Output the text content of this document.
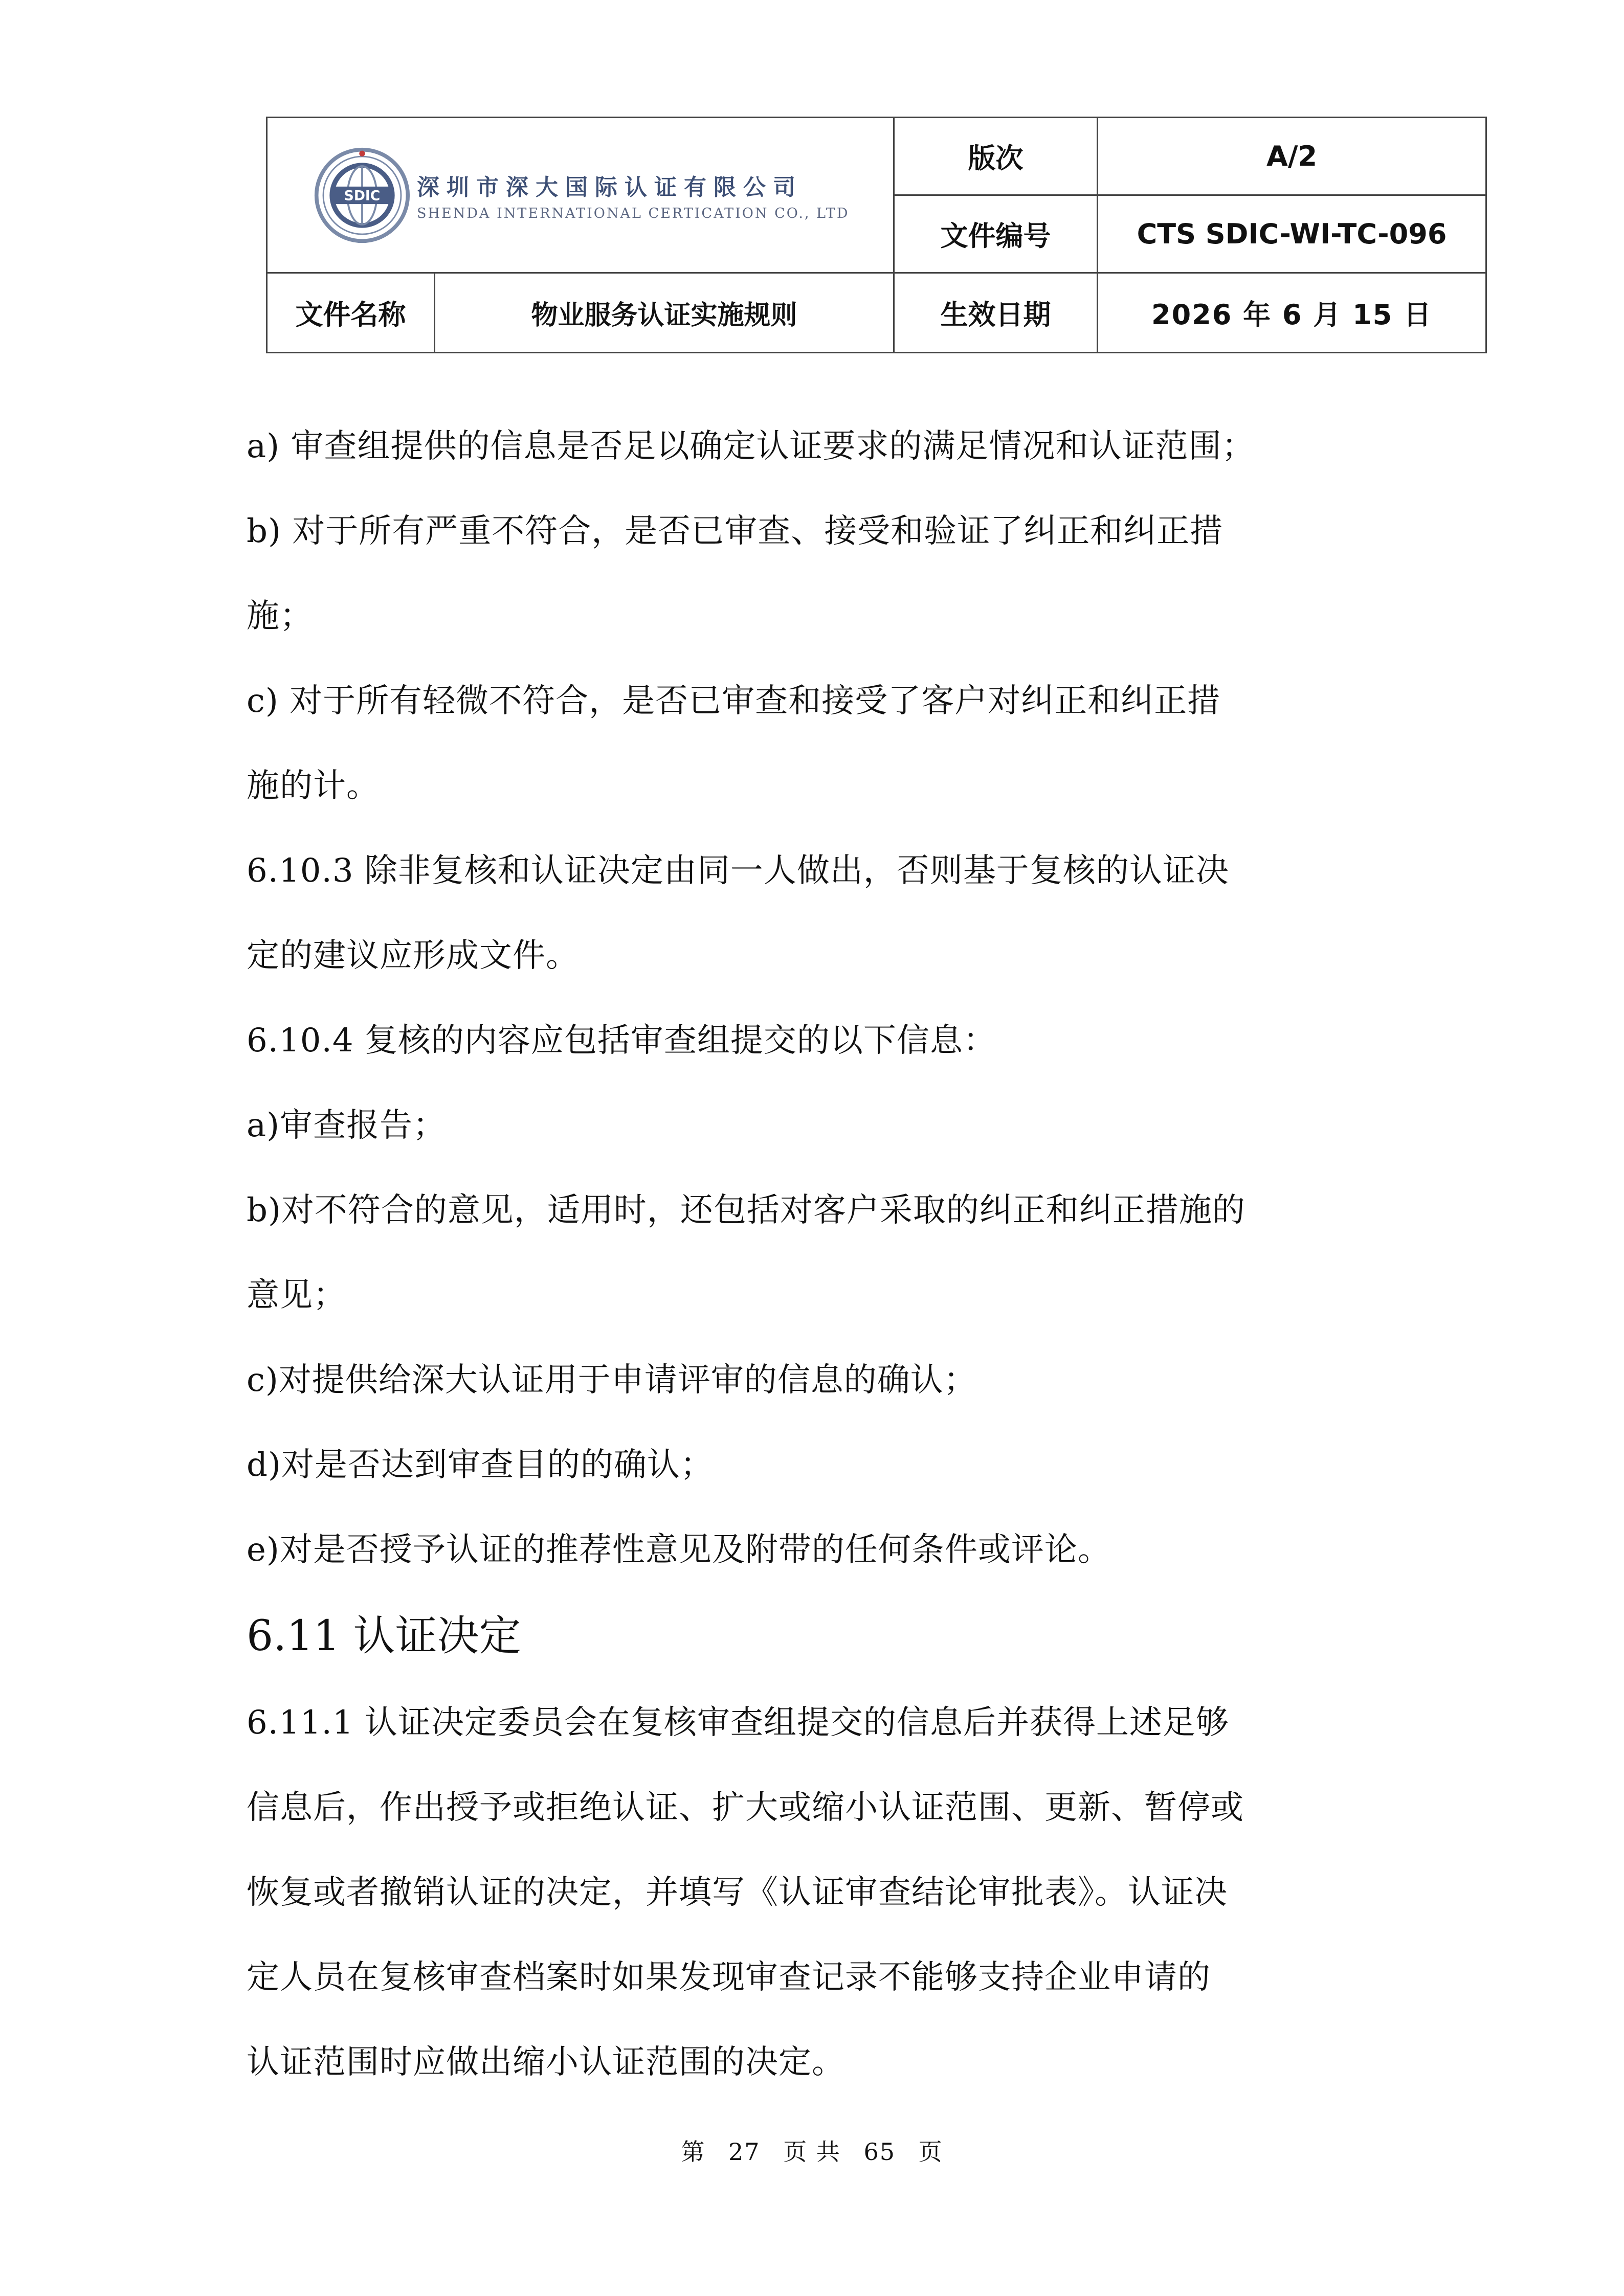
SDIC 深圳市深大国际认证有限公司
SHENDA INTERNATIONAL CERTICATION CO., LTD		版次	A/2
		文件编号	CTS SDIC-WI-TC-096
文件名称	物业服务认证实施规则	生效日期	2026 年 6 月 15 日

a) 审查组提供的信息是否足以确定认证要求的满足情况和认证范围；

b) 对于所有严重不符合，是否已审查、接受和验证了纠正和纠正措

施；

c) 对于所有轻微不符合，是否已审查和接受了客户对纠正和纠正措

施的计。

6.10.3 除非复核和认证决定由同一人做出，否则基于复核的认证决

定的建议应形成文件。

6.10.4 复核的内容应包括审查组提交的以下信息：

a)审查报告；

b)对不符合的意见，适用时，还包括对客户采取的纠正和纠正措施的

意见；

c)对提供给深大认证用于申请评审的信息的确认；

d)对是否达到审查目的的确认；

e)对是否授予认证的推荐性意见及附带的任何条件或评论。

6.11 认证决定

6.11.1 认证决定委员会在复核审查组提交的信息后并获得上述足够

信息后，作出授予或拒绝认证、扩大或缩小认证范围、更新、暂停或

恢复或者撤销认证的决定，并填写《认证审查结论审批表》。认证决

定人员在复核审查档案时如果发现审查记录不能够支持企业申请的

认证范围时应做出缩小认证范围的决定。

第 27 页 共 65 页
